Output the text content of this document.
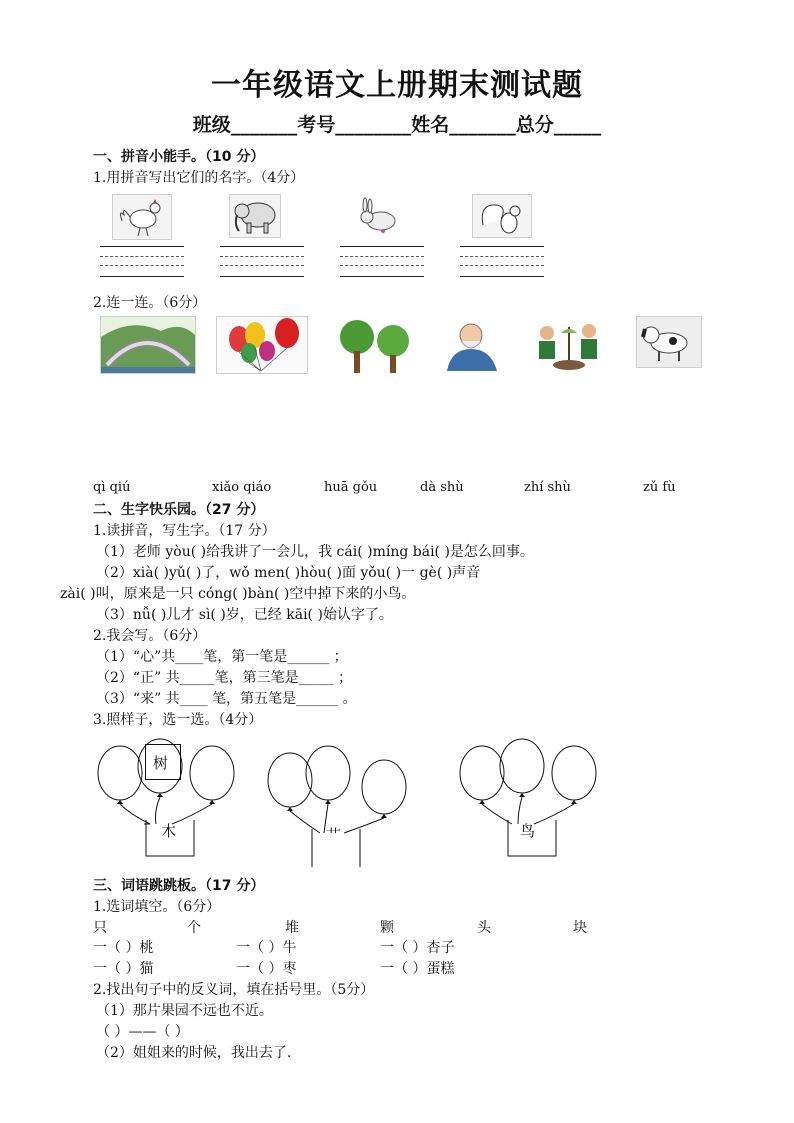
一年级语文上册期末测试题
班级_______考号________姓名_______总分_____
一、拼音小能手。（10 分）
1.用拼音写出它们的名字。（4分）
2.连一连。（6分）
qì qiú	xiǎo qiáo	huā gǒu	dà shù	zhí shù	zǔ fù
二、生字快乐园。（27 分）
1.读拼音，写生字。（17 分）
（1）老师 yòu( )给我讲了一会儿，我 cái( )míng bái( )是怎么回事。
（2）xià( )yǔ( )了，wǒ men( )hòu( )面 yǒu( )一 gè( )声音
zài( )叫，原来是一只 cóng( )bàn( )空中掉下来的小鸟。
（3）nǚ( )儿才 sì( )岁，已经 kāi( )始认字了。
2.我会写。（6分）
（1）“心”共____笔，第一笔是______ ；
（2）“正” 共_____笔，第三笔是_____ ；
（3）“来” 共____ 笔，第五笔是______ 。
3.照样子，选一选。（4分）
树
木	艹	鸟
三、词语跳跳板。（17 分）
1.选词填空。（6分）
只	个	堆	颗	头	块
一（ ）桃	一（ ）牛	一（ ）杏子
一（ ）猫	一（ ）枣	一（ ）蛋糕
2.找出句子中的反义词，填在括号里。（5分）
（1）那片果园不远也不近。
（ ）——（ ）
（2）姐姐来的时候，我出去了.
